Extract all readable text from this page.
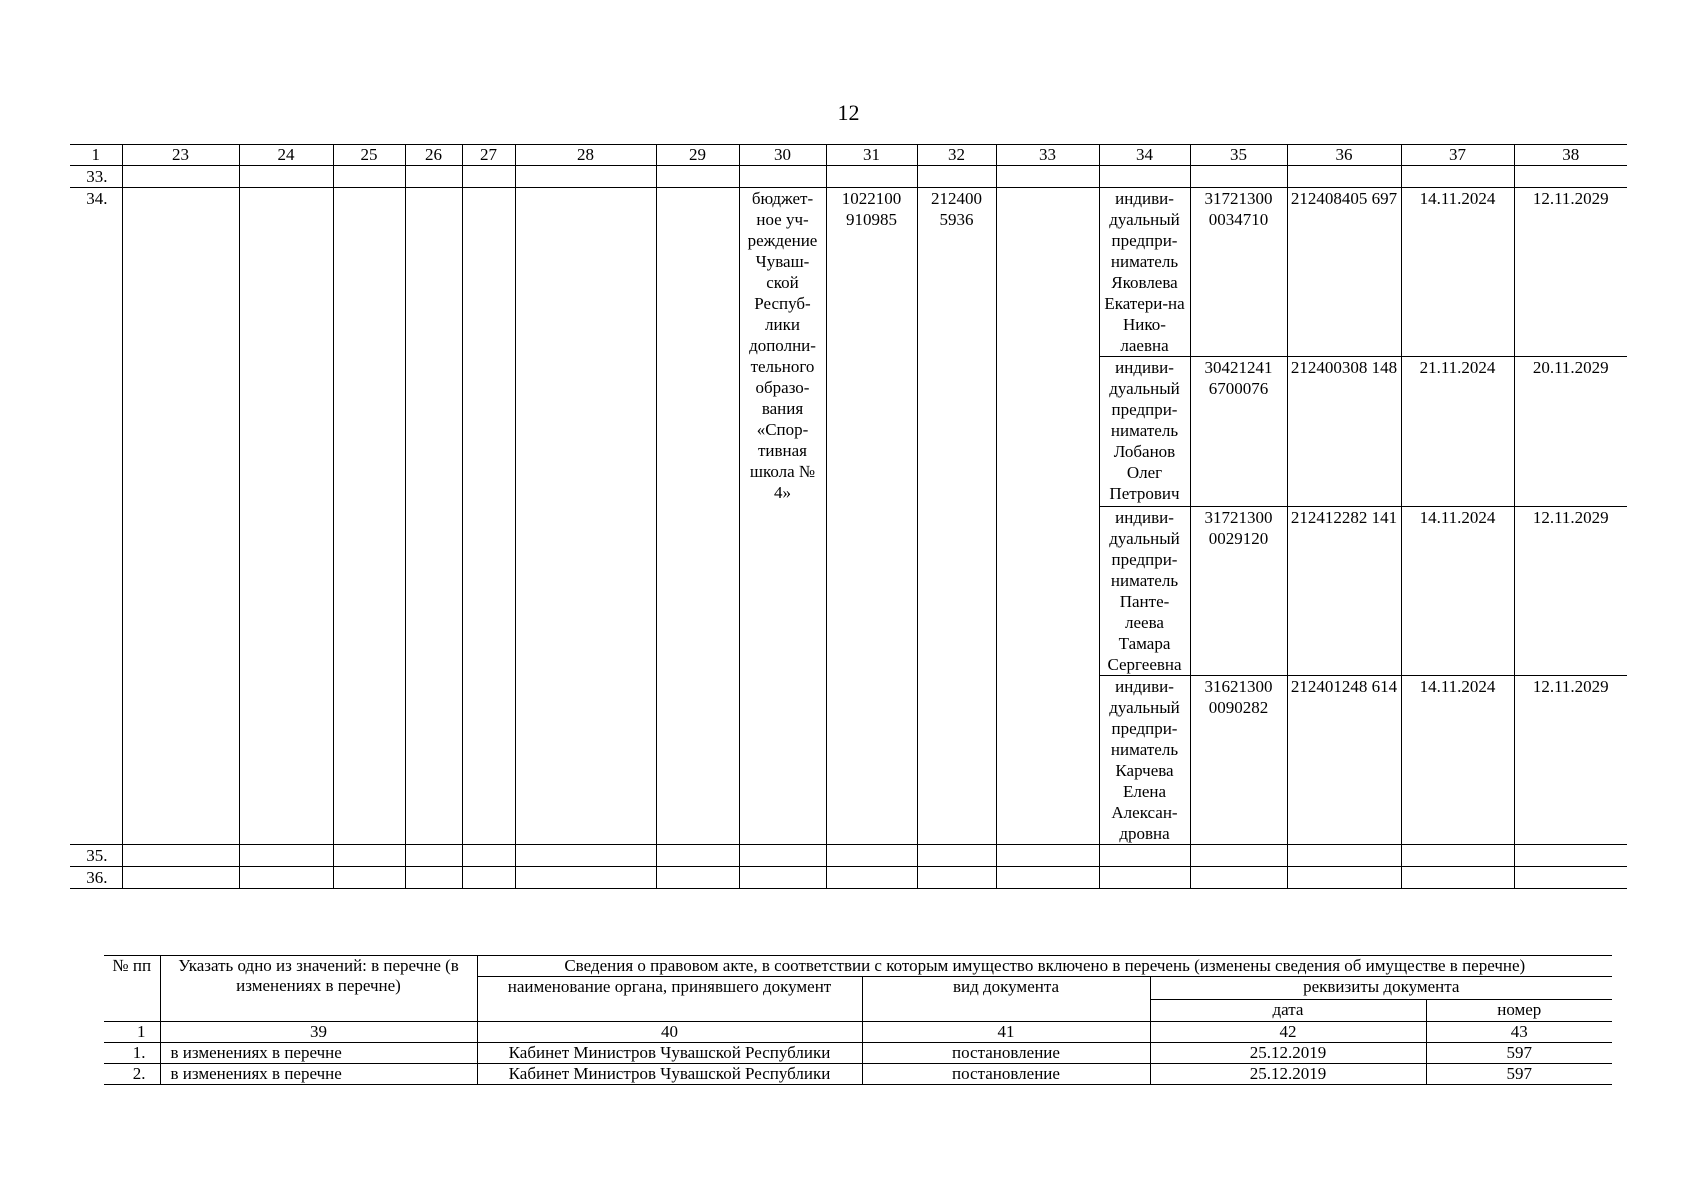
12
1	23	24	25	26	27	28	29	30	31	32	33	34	35	36	37	38
33.																
34.								бюджет-ное уч-реждение Чуваш-ской Респуб-лики дополни-тельного образо-вания «Спор-тивная школа № 4»	1022100 910985	212400 5936		индиви-дуальный предпри-ниматель Яковлева Екатери-на Нико-лаевна	31721300 0034710	212408405 697	14.11.2024	12.11.2029
												индиви-дуальный предпри-ниматель Лобанов Олег Петрович	30421241 6700076	212400308 148	21.11.2024	20.11.2029
												индиви-дуальный предпри-ниматель Панте-леева Тамара Сергеевна	31721300 0029120	212412282 141	14.11.2024	12.11.2029
												индиви-дуальный предпри-ниматель Карчева Елена Алексан-дровна	31621300 0090282	212401248 614	14.11.2024	12.11.2029
35.																
36.																
№ пп	Указать одно из значений: в перечне (в изменениях в перечне)	Сведения о правовом акте, в соответствии с которым имущество включено в перечень (изменены сведения об имуществе в перечне)			
		наименование органа, принявшего документ	вид документа	реквизиты документа	
				дата	номер
1	39	40	41	42	43
1.	в изменениях в перечне	Кабинет Министров Чувашской Республики	постановление	25.12.2019	597
2.	в изменениях в перечне	Кабинет Министров Чувашской Республики	постановление	25.12.2019	597
